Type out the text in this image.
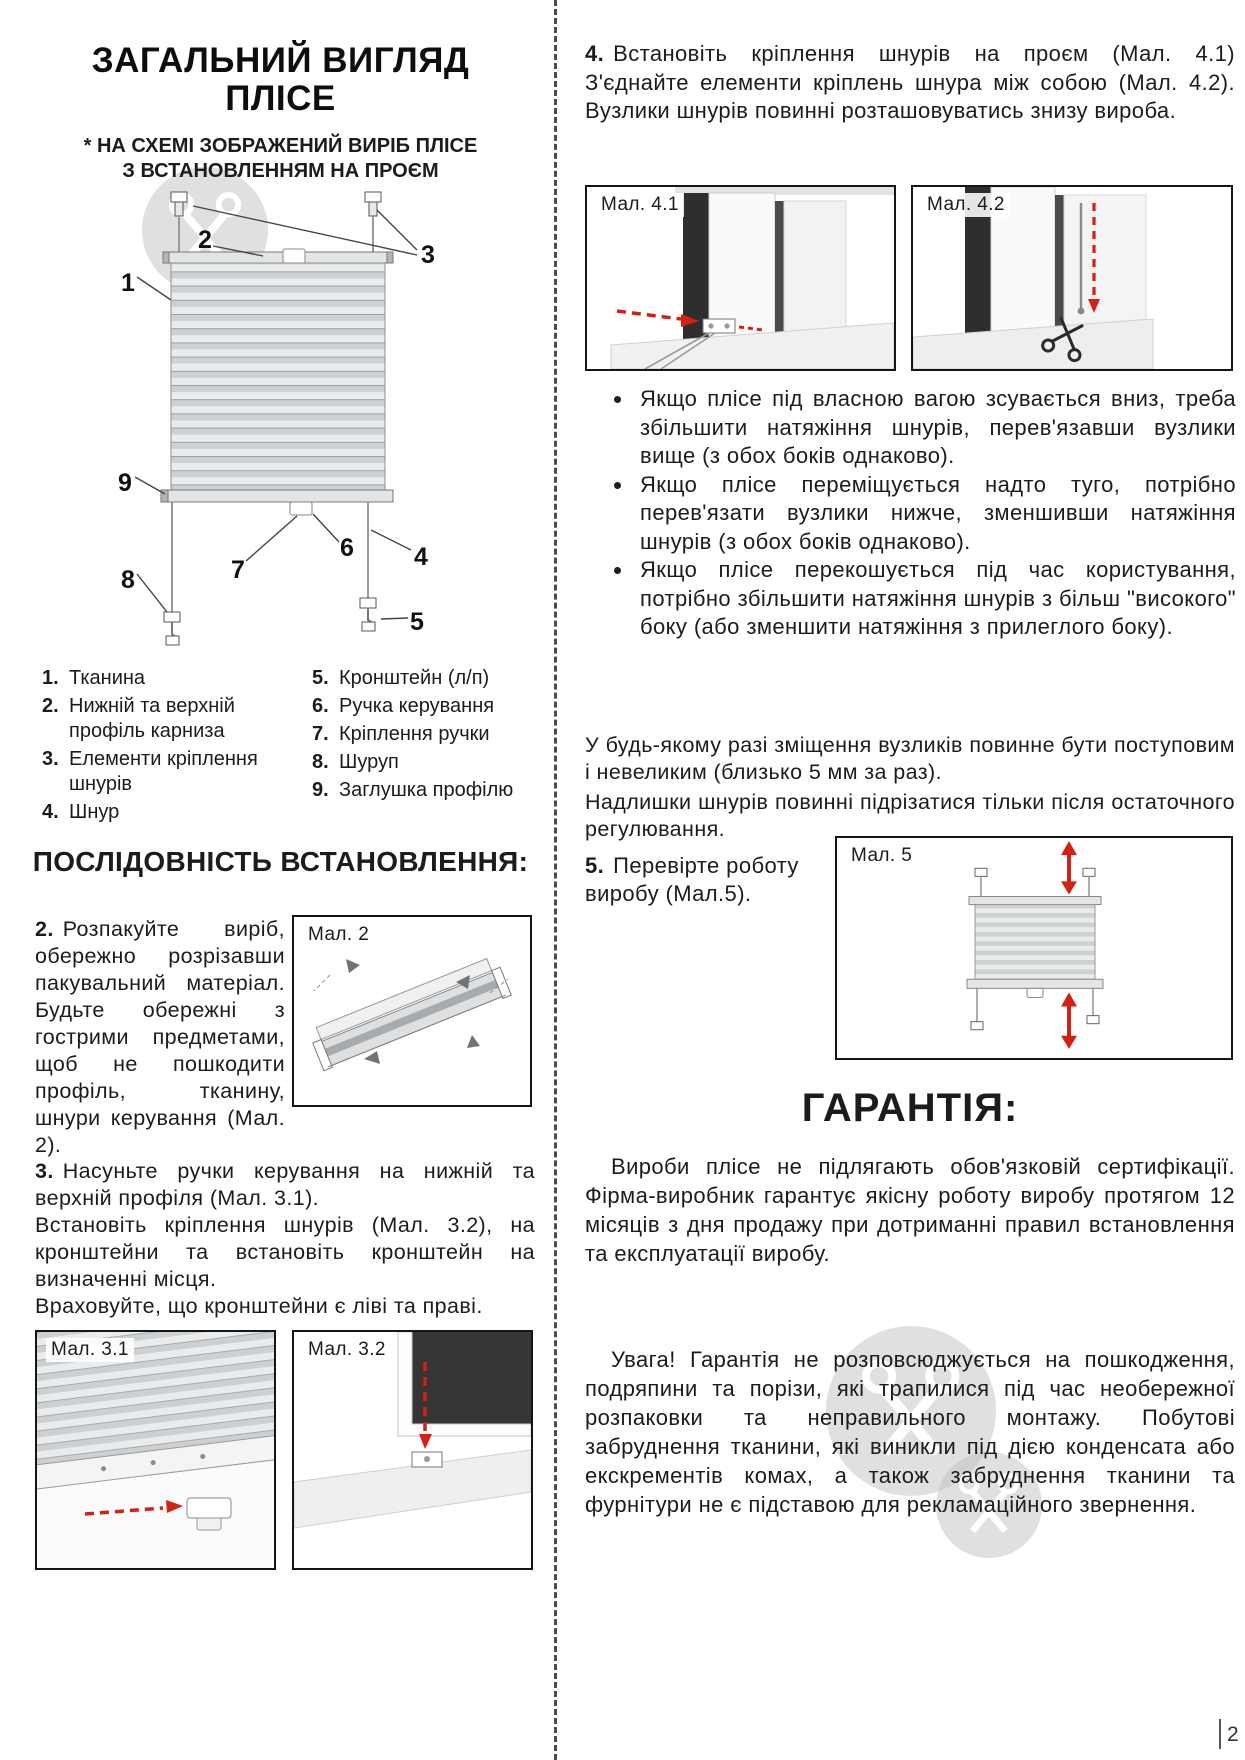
ЗАГАЛЬНИЙ ВИГЛЯД
ПЛІСЕ
* НА СХЕМІ ЗОБРАЖЕНИЙ ВИРІБ ПЛІСЕ
З ВСТАНОВЛЕННЯМ НА ПРОЄМ
1
2
3
9
7
6 4
8
5
1. Тканина
2. Нижній та верхній профіль карниза
3. Елементи кріплення шнурів
4. Шнур
5. Кронштейн (л/п)
6. Ручка керування
7. Кріплення ручки
8. Шуруп
9. Заглушка профілю
ПОСЛІДОВНІСТЬ ВСТАНОВЛЕННЯ:

2. Розпакуйте виріб, обережно розрізавши пакувальний матеріал. Будьте обережні з гострими предметами, щоб не пошкодити профіль, тканину, шнури керування (Мал. 2).

Мал. 2

3. Насуньте ручки керування на нижній та верхній профіля (Мал. 3.1).

Встановіть кріплення шнурів (Мал. 3.2), на кронштейни та встановіть кронштейн на визначенні місця.

Враховуйте, що кронштейни є ліві та праві.

Мал. 3.1	Мал. 3.2

4. Встановіть кріплення шнурів на проєм (Мал. 4.1) З'єднайте елементи кріплень шнура між собою (Мал. 4.2). Вузлики шнурів повинні розташовуватись знизу вироба.

Мал. 4.1	Мал. 4.2
• Якщо плісе під власною вагою зсувається вниз, треба збільшити натяжіння шнурів, перев'язавши вузлики вище (з обох боків однаково).
• Якщо плісе переміщується надто туго, потрібно перев'язати вузлики нижче, зменшивши натяжіння шнурів (з обох боків однаково).
• Якщо плісе перекошується під час користування, потрібно збільшити натяжіння шнурів з більш "високого" боку (або зменшити натяжіння з прилеглого боку).

У будь-якому разі зміщення вузликів повинне бути поступовим і невеликим (близько 5 мм за раз).

Надлишки шнурів повинні підрізатися тільки після остаточного регулювання.

5. Перевірте роботу виробу (Мал.5).

Мал. 5
ГАРАНТІЯ:

Вироби плісе не підлягають обов'язковій сертифікації. Фірма-виробник гарантує якісну роботу виробу протягом 12 місяців з дня продажу при дотриманні правил встановлення та експлуатації виробу.

Увага! Гарантія не розповсюджується на пошкодження, подряпини та порізи, які трапилися під час необережної розпаковки та неправильного монтажу. Побутові забруднення тканини, які виникли під дією конденсата або екскрементів комах, а також забруднення тканини та фурнітури не є підставою для рекламаційного звернення.

2
